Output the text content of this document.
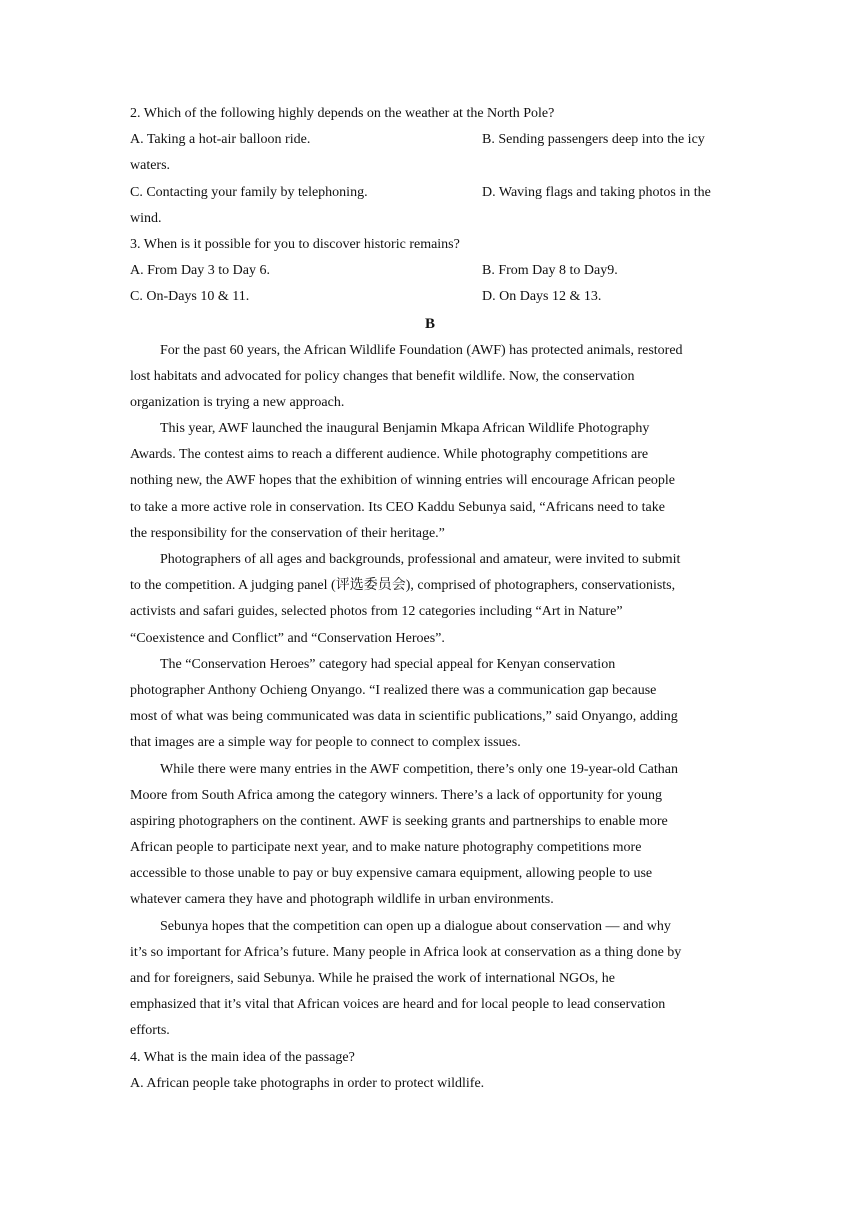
2. Which of the following highly depends on the weather at the North Pole?
A. Taking a hot-air balloon ride.	B. Sending passengers deep into the icy
waters.
C. Contacting your family by telephoning.	D. Waving flags and taking photos in the
wind.
3. When is it possible for you to discover historic remains?
A. From Day 3 to Day 6.	B. From Day 8 to Day9.
C. On-Days 10 & 11.	D. On Days 12 & 13.
B
For the past 60 years, the African Wildlife Foundation (AWF) has protected animals, restored
lost habitats and advocated for policy changes that benefit wildlife. Now, the conservation
organization is trying a new approach.
This year, AWF launched the inaugural Benjamin Mkapa African Wildlife Photography
Awards. The contest aims to reach a different audience. While photography competitions are
nothing new, the AWF hopes that the exhibition of winning entries will encourage African people
to take a more active role in conservation. Its CEO Kaddu Sebunya said, “Africans need to take
the responsibility for the conservation of their heritage.”
Photographers of all ages and backgrounds, professional and amateur, were invited to submit
to the competition. A judging panel (评选委员会), comprised of photographers, conservationists,
activists and safari guides, selected photos from 12 categories including “Art in Nature”
“Coexistence and Conflict” and “Conservation Heroes”.
The “Conservation Heroes” category had special appeal for Kenyan conservation
photographer Anthony Ochieng Onyango. “I realized there was a communication gap because
most of what was being communicated was data in scientific publications,” said Onyango, adding
that images are a simple way for people to connect to complex issues.
While there were many entries in the AWF competition, there’s only one 19-year-old Cathan
Moore from South Africa among the category winners. There’s a lack of opportunity for young
aspiring photographers on the continent. AWF is seeking grants and partnerships to enable more
African people to participate next year, and to make nature photography competitions more
accessible to those unable to pay or buy expensive camara equipment, allowing people to use
whatever camera they have and photograph wildlife in urban environments.
Sebunya hopes that the competition can open up a dialogue about conservation — and why
it’s so important for Africa’s future. Many people in Africa look at conservation as a thing done by
and for foreigners, said Sebunya. While he praised the work of international NGOs, he
emphasized that it’s vital that African voices are heard and for local people to lead conservation
efforts.
4. What is the main idea of the passage?
A. African people take photographs in order to protect wildlife.
